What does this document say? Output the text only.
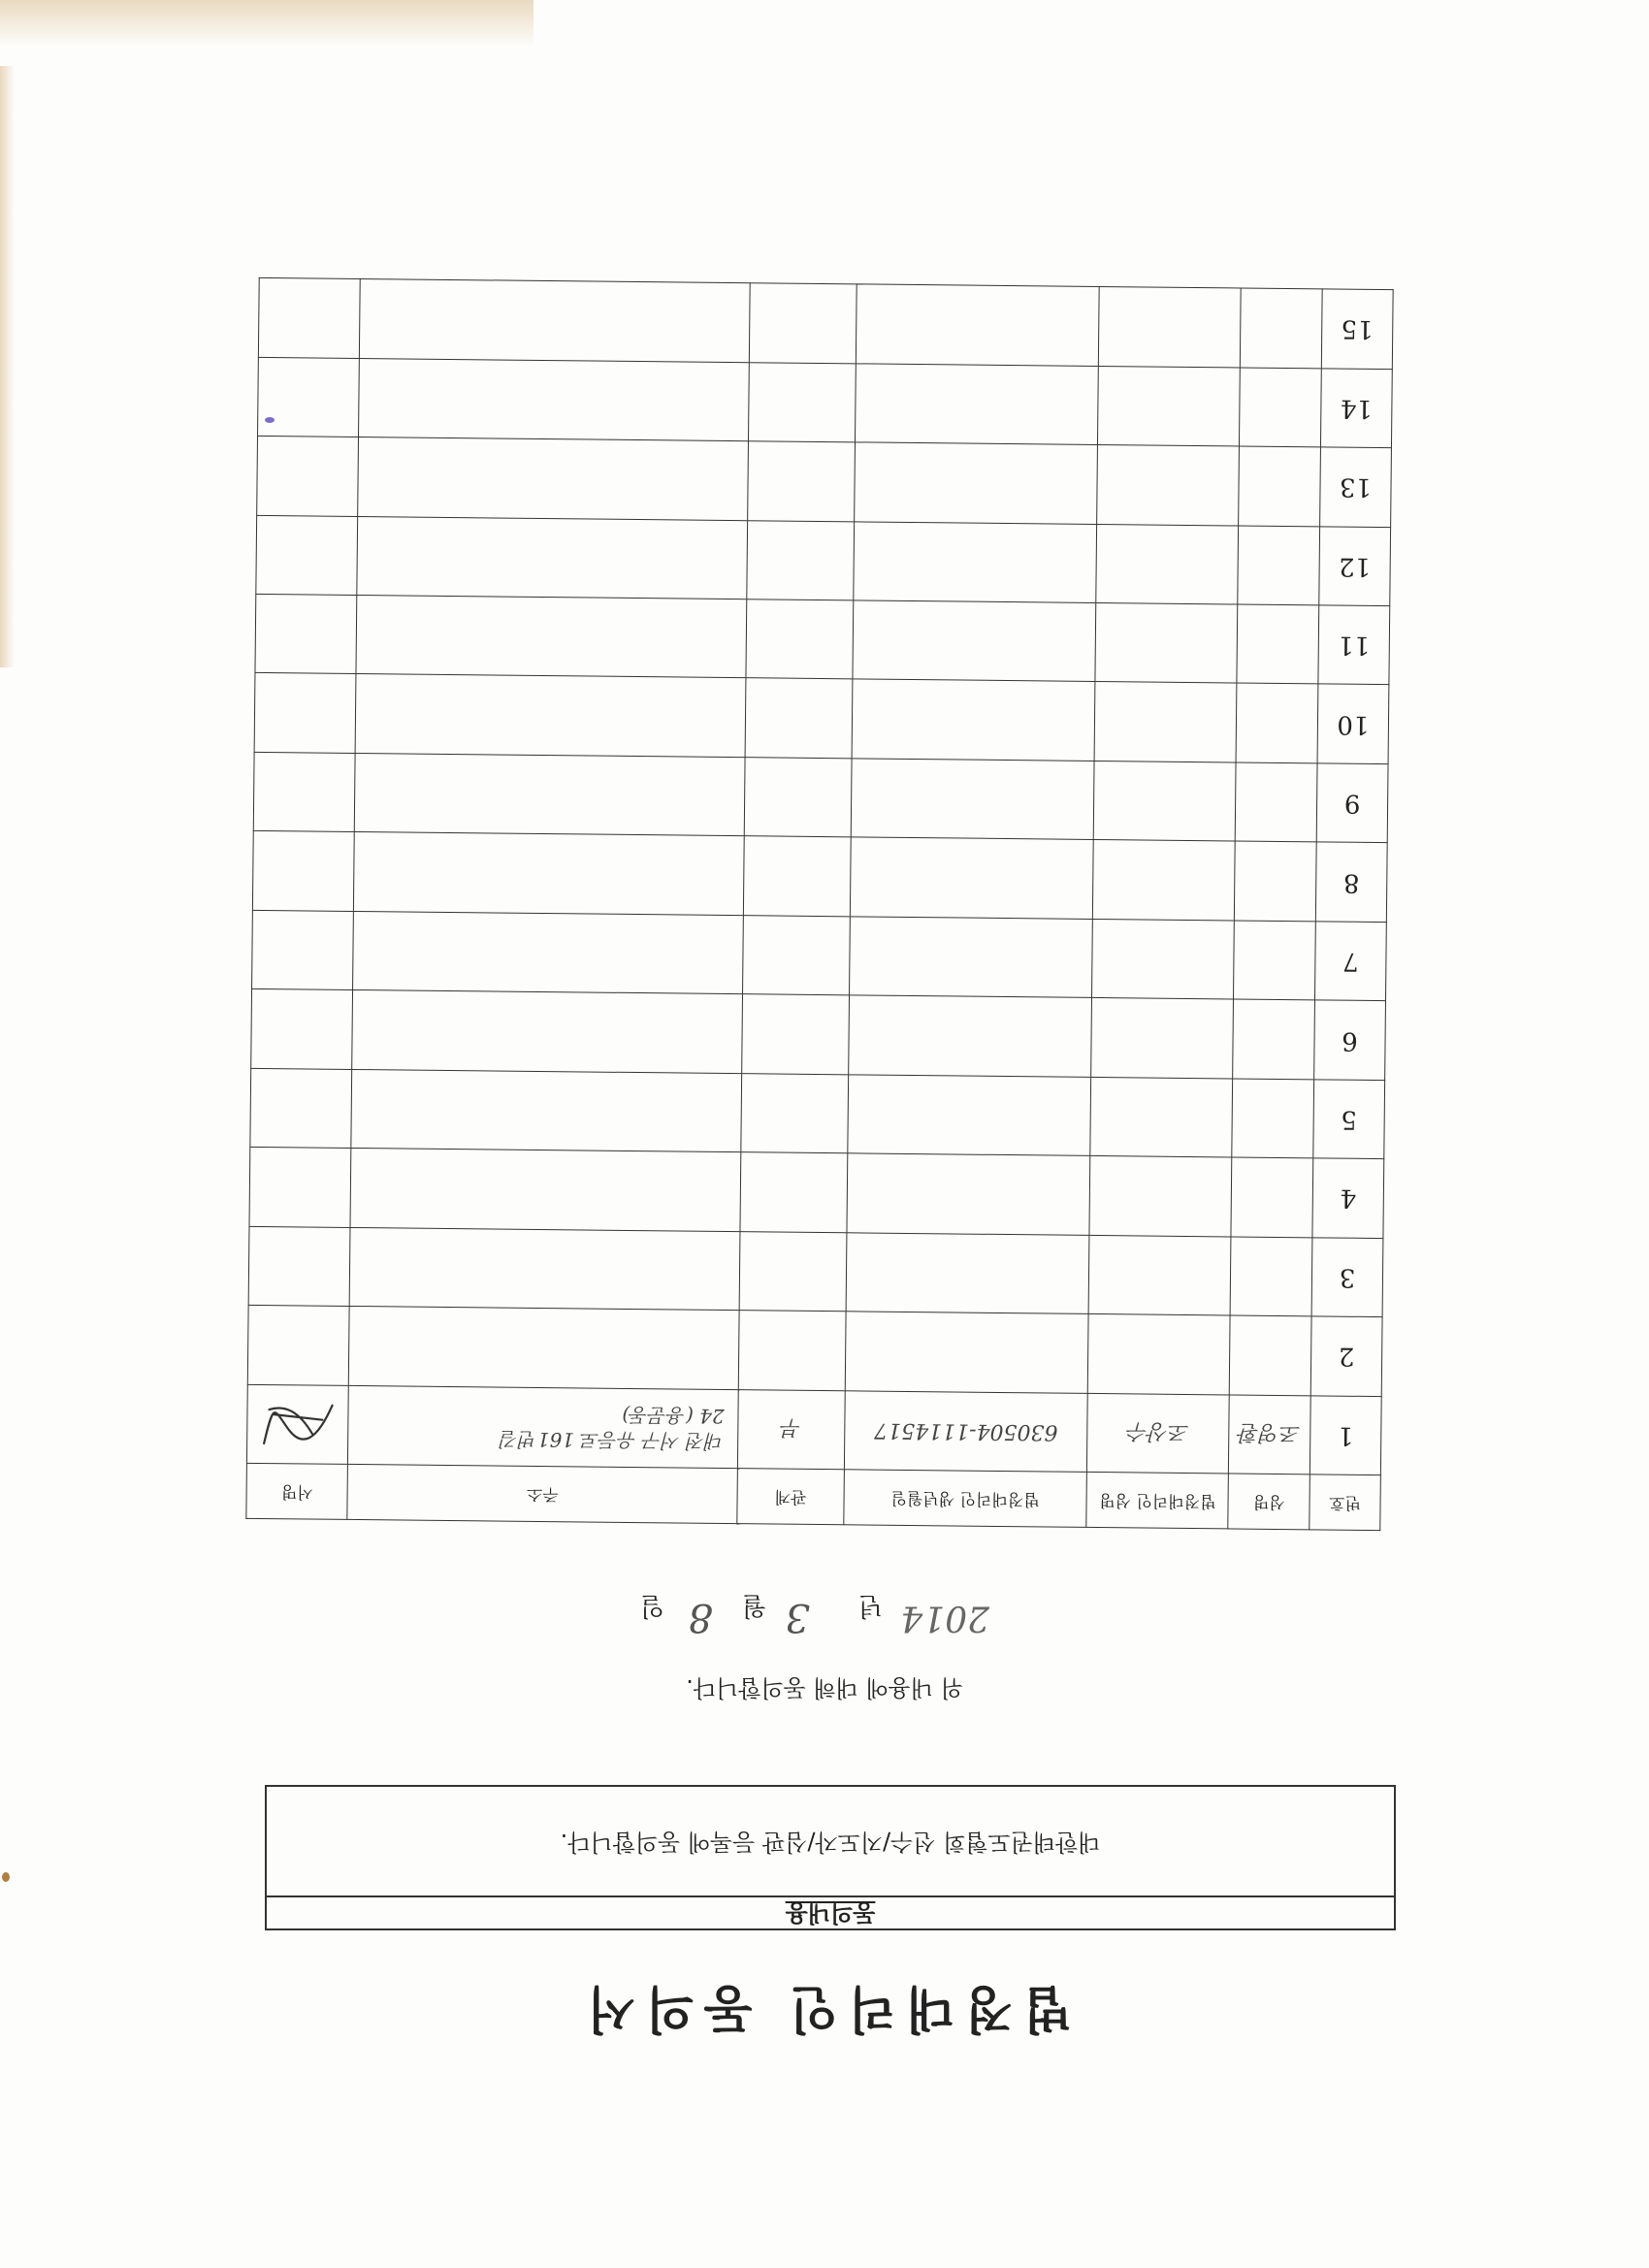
법정대리인 동의서
동의내용
대한태권도협회 선수/지도자/심판 등록에 동의합니다.
위 내용에 대해 동의합니다.
2014
년
3
월
8
일
번호	성명	법정대리인 성명	법정대리인 생년월일	관계	주소	서명
1	조영환	조상수	630504-1114517	부	대전 서구 유등로 161번길
24 (용문동)

2					

3					

4					

5					

6					

7					

8					

9					

10					

11					

12					

13					

14					

15					
